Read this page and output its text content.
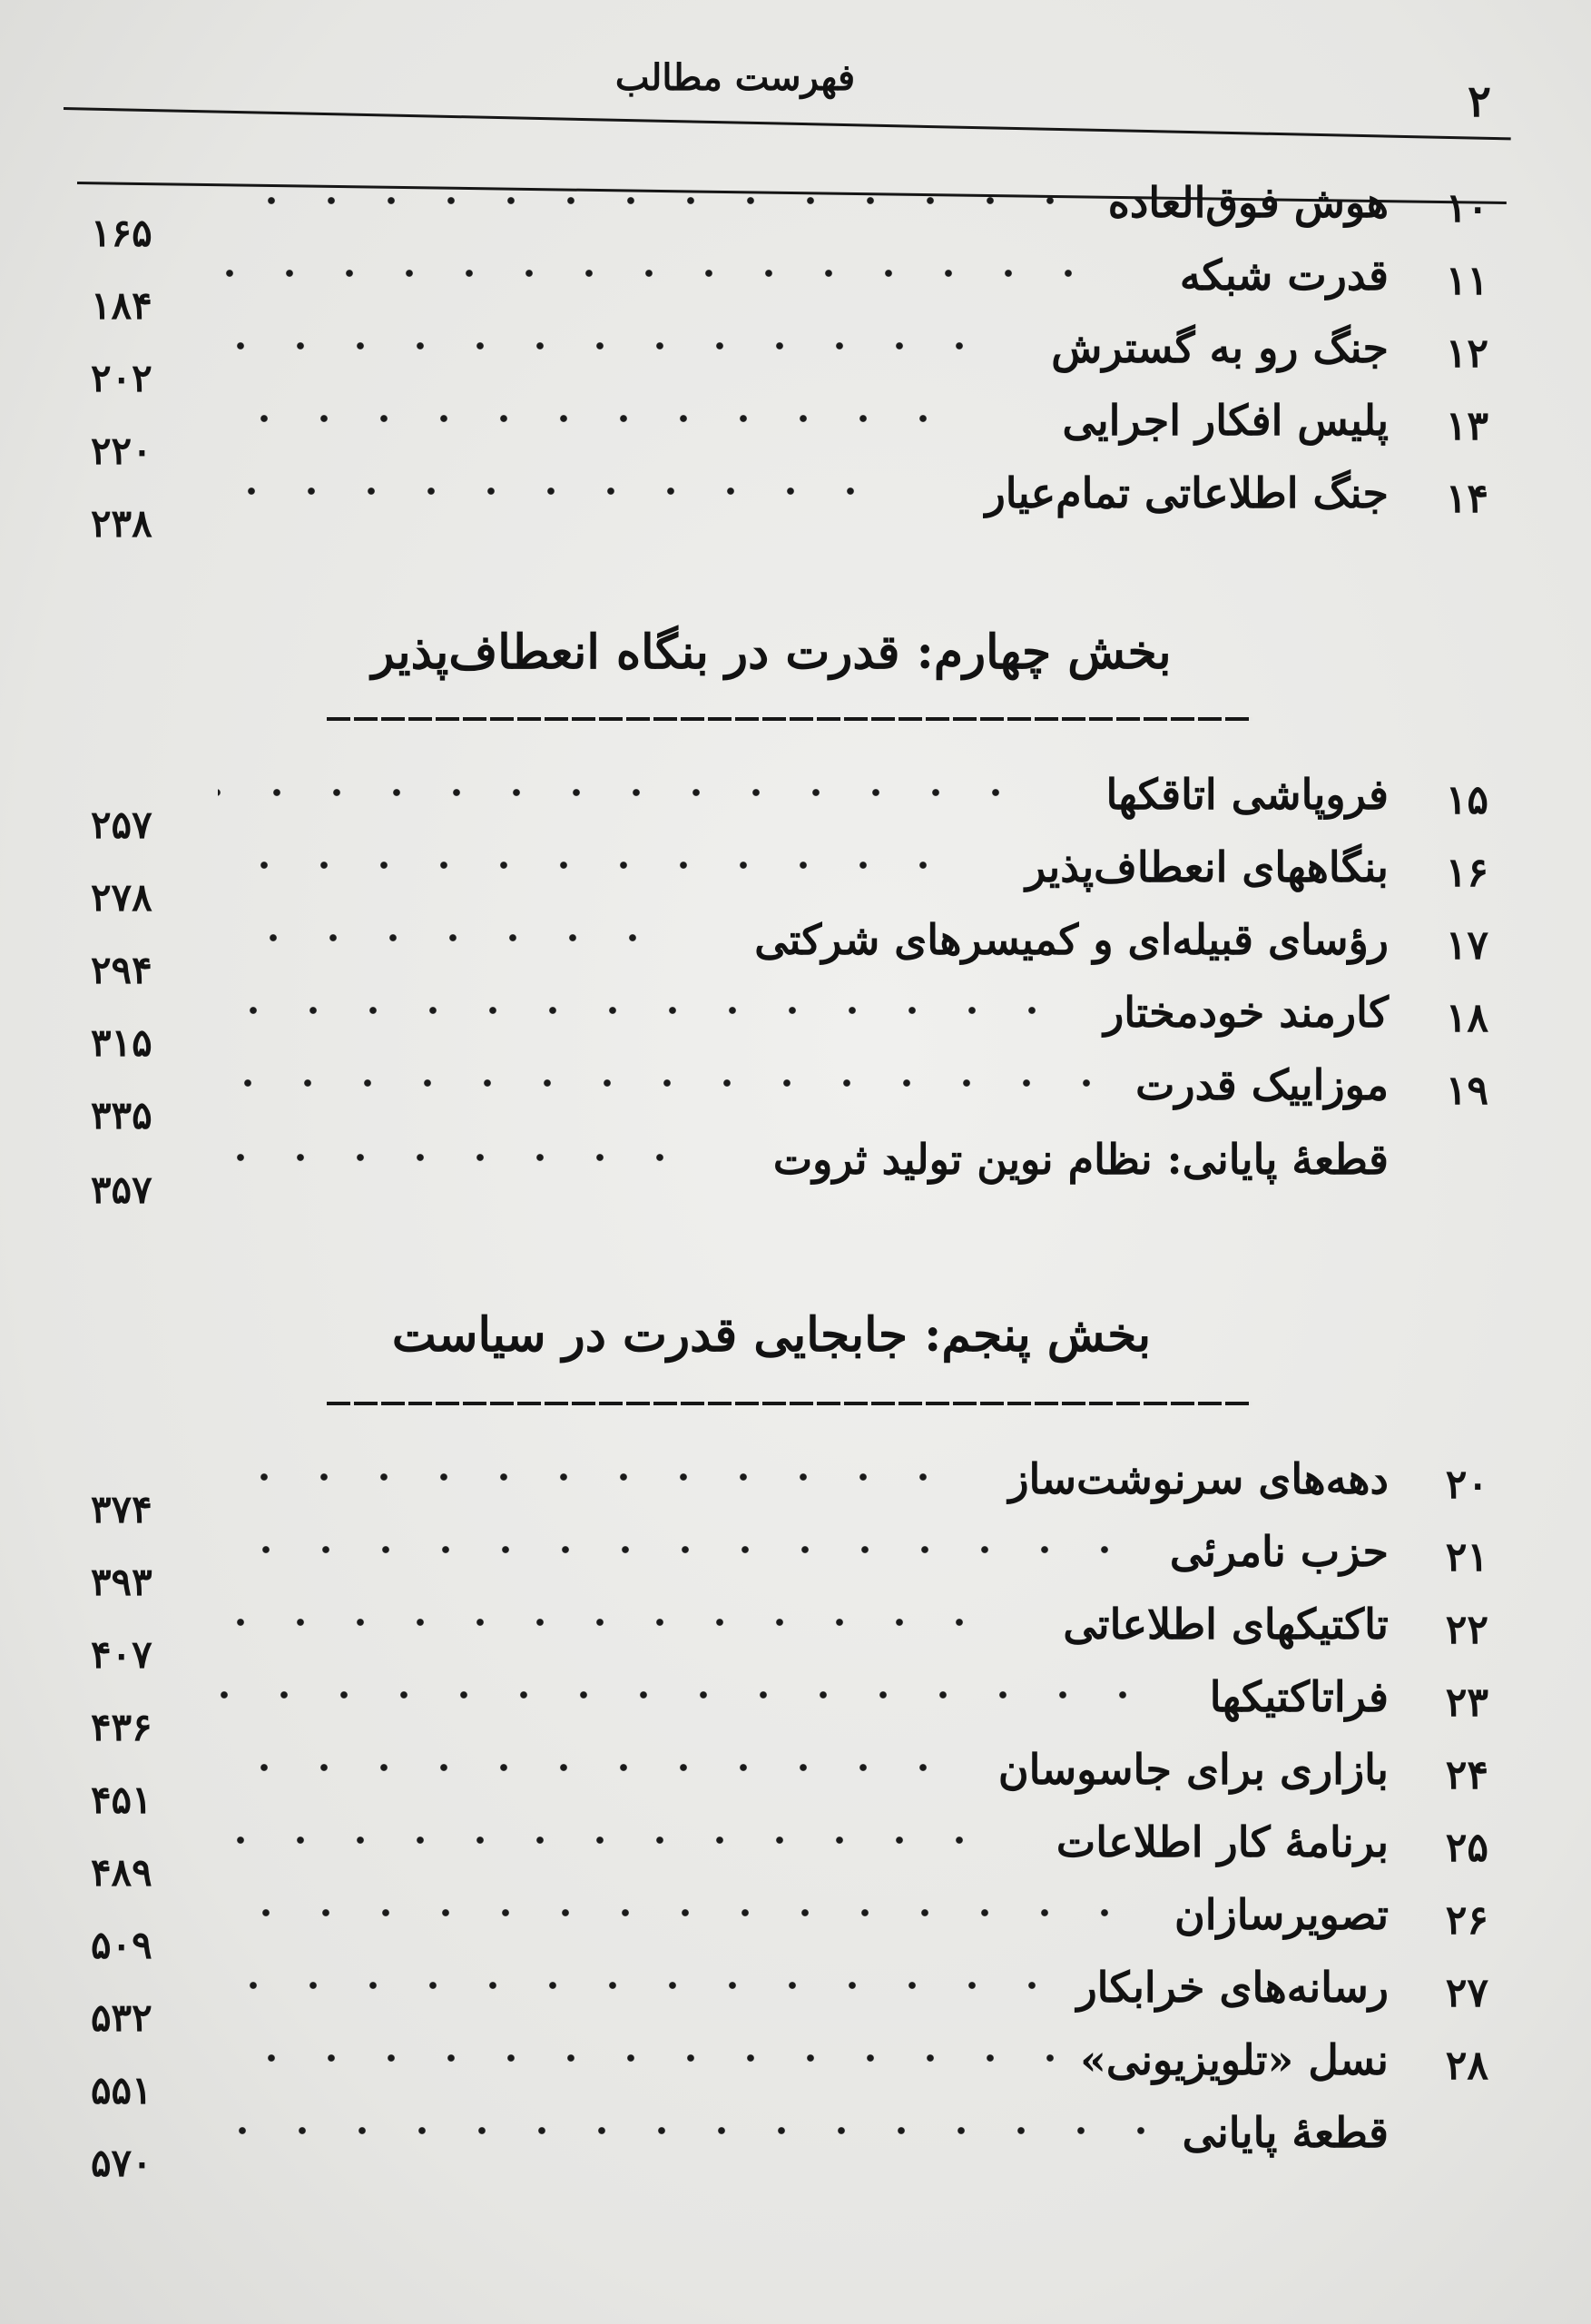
فهرست مطالب	۲
۱۰
هوش فوق‌العاده
۱۶۵
۱۱
قدرت شبکه
۱۸۴
۱۲
جنگ رو به گسترش
۲۰۲
۱۳
پلیس افکار اجرایی
۲۲۰
۱۴
جنگ اطلاعاتی تمام‌عیار
۲۳۸
بخش چهارم: قدرت در بنگاه انعطاف‌پذیر
۱۵
فروپاشی اتاقکها
۲۵۷
۱۶
بنگاههای انعطاف‌پذیر
۲۷۸
۱۷
رؤسای قبیله‌ای و کمیسرهای شرکتی
۲۹۴
۱۸
کارمند خودمختار
۳۱۵
۱۹
موزاییک قدرت
۳۳۵
قطعهٔ پایانی: نظام نوین تولید ثروت
۳۵۷
بخش پنجم: جابجایی قدرت در سیاست
۲۰
دهه‌های سرنوشت‌ساز
۳۷۴
۲۱
حزب نامرئی
۳۹۳
۲۲
تاکتیکهای اطلاعاتی
۴۰۷
۲۳
فراتاکتیکها
۴۳۶
۲۴
بازاری برای جاسوسان
۴۵۱
۲۵
برنامهٔ کار اطلاعات
۴۸۹
۲۶
تصویرسازان
۵۰۹
۲۷
رسانه‌های خرابکار
۵۳۲
۲۸
نسل «تلویزیونی»
۵۵۱
قطعهٔ پایانی
۵۷۰
